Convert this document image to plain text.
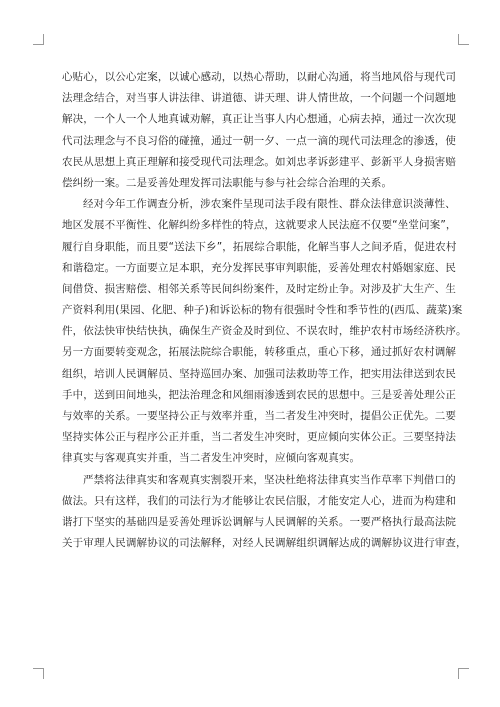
心贴心，以公心定案，以诚心感动，以热心帮助，以耐心沟通，将当地风俗与现代司
法理念结合，对当事人讲法律、讲道德、讲天理、讲人情世故，一个问题一个问题地
解决，一个人一个人地真诚劝解，真正让当事人内心想通，心病去掉，通过一次次现
代司法理念与不良习俗的碰撞，通过一朝一夕、一点一滴的现代司法理念的渗透，使
农民从思想上真正理解和接受现代司法理念。如刘忠孝诉彭建平、彭新平人身损害赔
偿纠纷一案。二是妥善处理发挥司法职能与参与社会综合治理的关系。
经对今年工作调查分析，涉农案件呈现司法手段有限性、群众法律意识淡薄性、
地区发展不平衡性、化解纠纷多样性的特点，这就要求人民法庭不仅要“坐堂问案”，
履行自身职能，而且要“送法下乡”，拓展综合职能，化解当事人之间矛盾，促进农村
和谐稳定。一方面要立足本职，充分发挥民事审判职能，妥善处理农村婚姻家庭、民
间借贷、损害赔偿、相邻关系等民间纠纷案件，及时定纷止争。对涉及扩大生产、生
产资料利用(果园、化肥、种子)和诉讼标的物有很强时令性和季节性的(西瓜、蔬菜)案
件，依法快审快结快执，确保生产资金及时到位、不误农时，维护农村市场经济秩序。
另一方面要转变观念，拓展法院综合职能，转移重点，重心下移，通过抓好农村调解
组织，培训人民调解员、坚持巡回办案、加强司法救助等工作，把实用法律送到农民
手中，送到田间地头，把法治理念和风细雨渗透到农民的思想中。三是妥善处理公正
与效率的关系。一要坚持公正与效率并重，当二者发生冲突时，提倡公正优先。二要
坚持实体公正与程序公正并重，当二者发生冲突时，更应倾向实体公正。三要坚持法
律真实与客观真实并重，当二者发生冲突时，应倾向客观真实。
严禁将法律真实和客观真实割裂开来，坚决杜绝将法律真实当作草率下判借口的
做法。只有这样，我们的司法行为才能够让农民信服，才能安定人心，进而为构建和
谐打下坚实的基础四是妥善处理诉讼调解与人民调解的关系。一要严格执行最高法院
关于审理人民调解协议的司法解释，对经人民调解组织调解达成的调解协议进行审查，
